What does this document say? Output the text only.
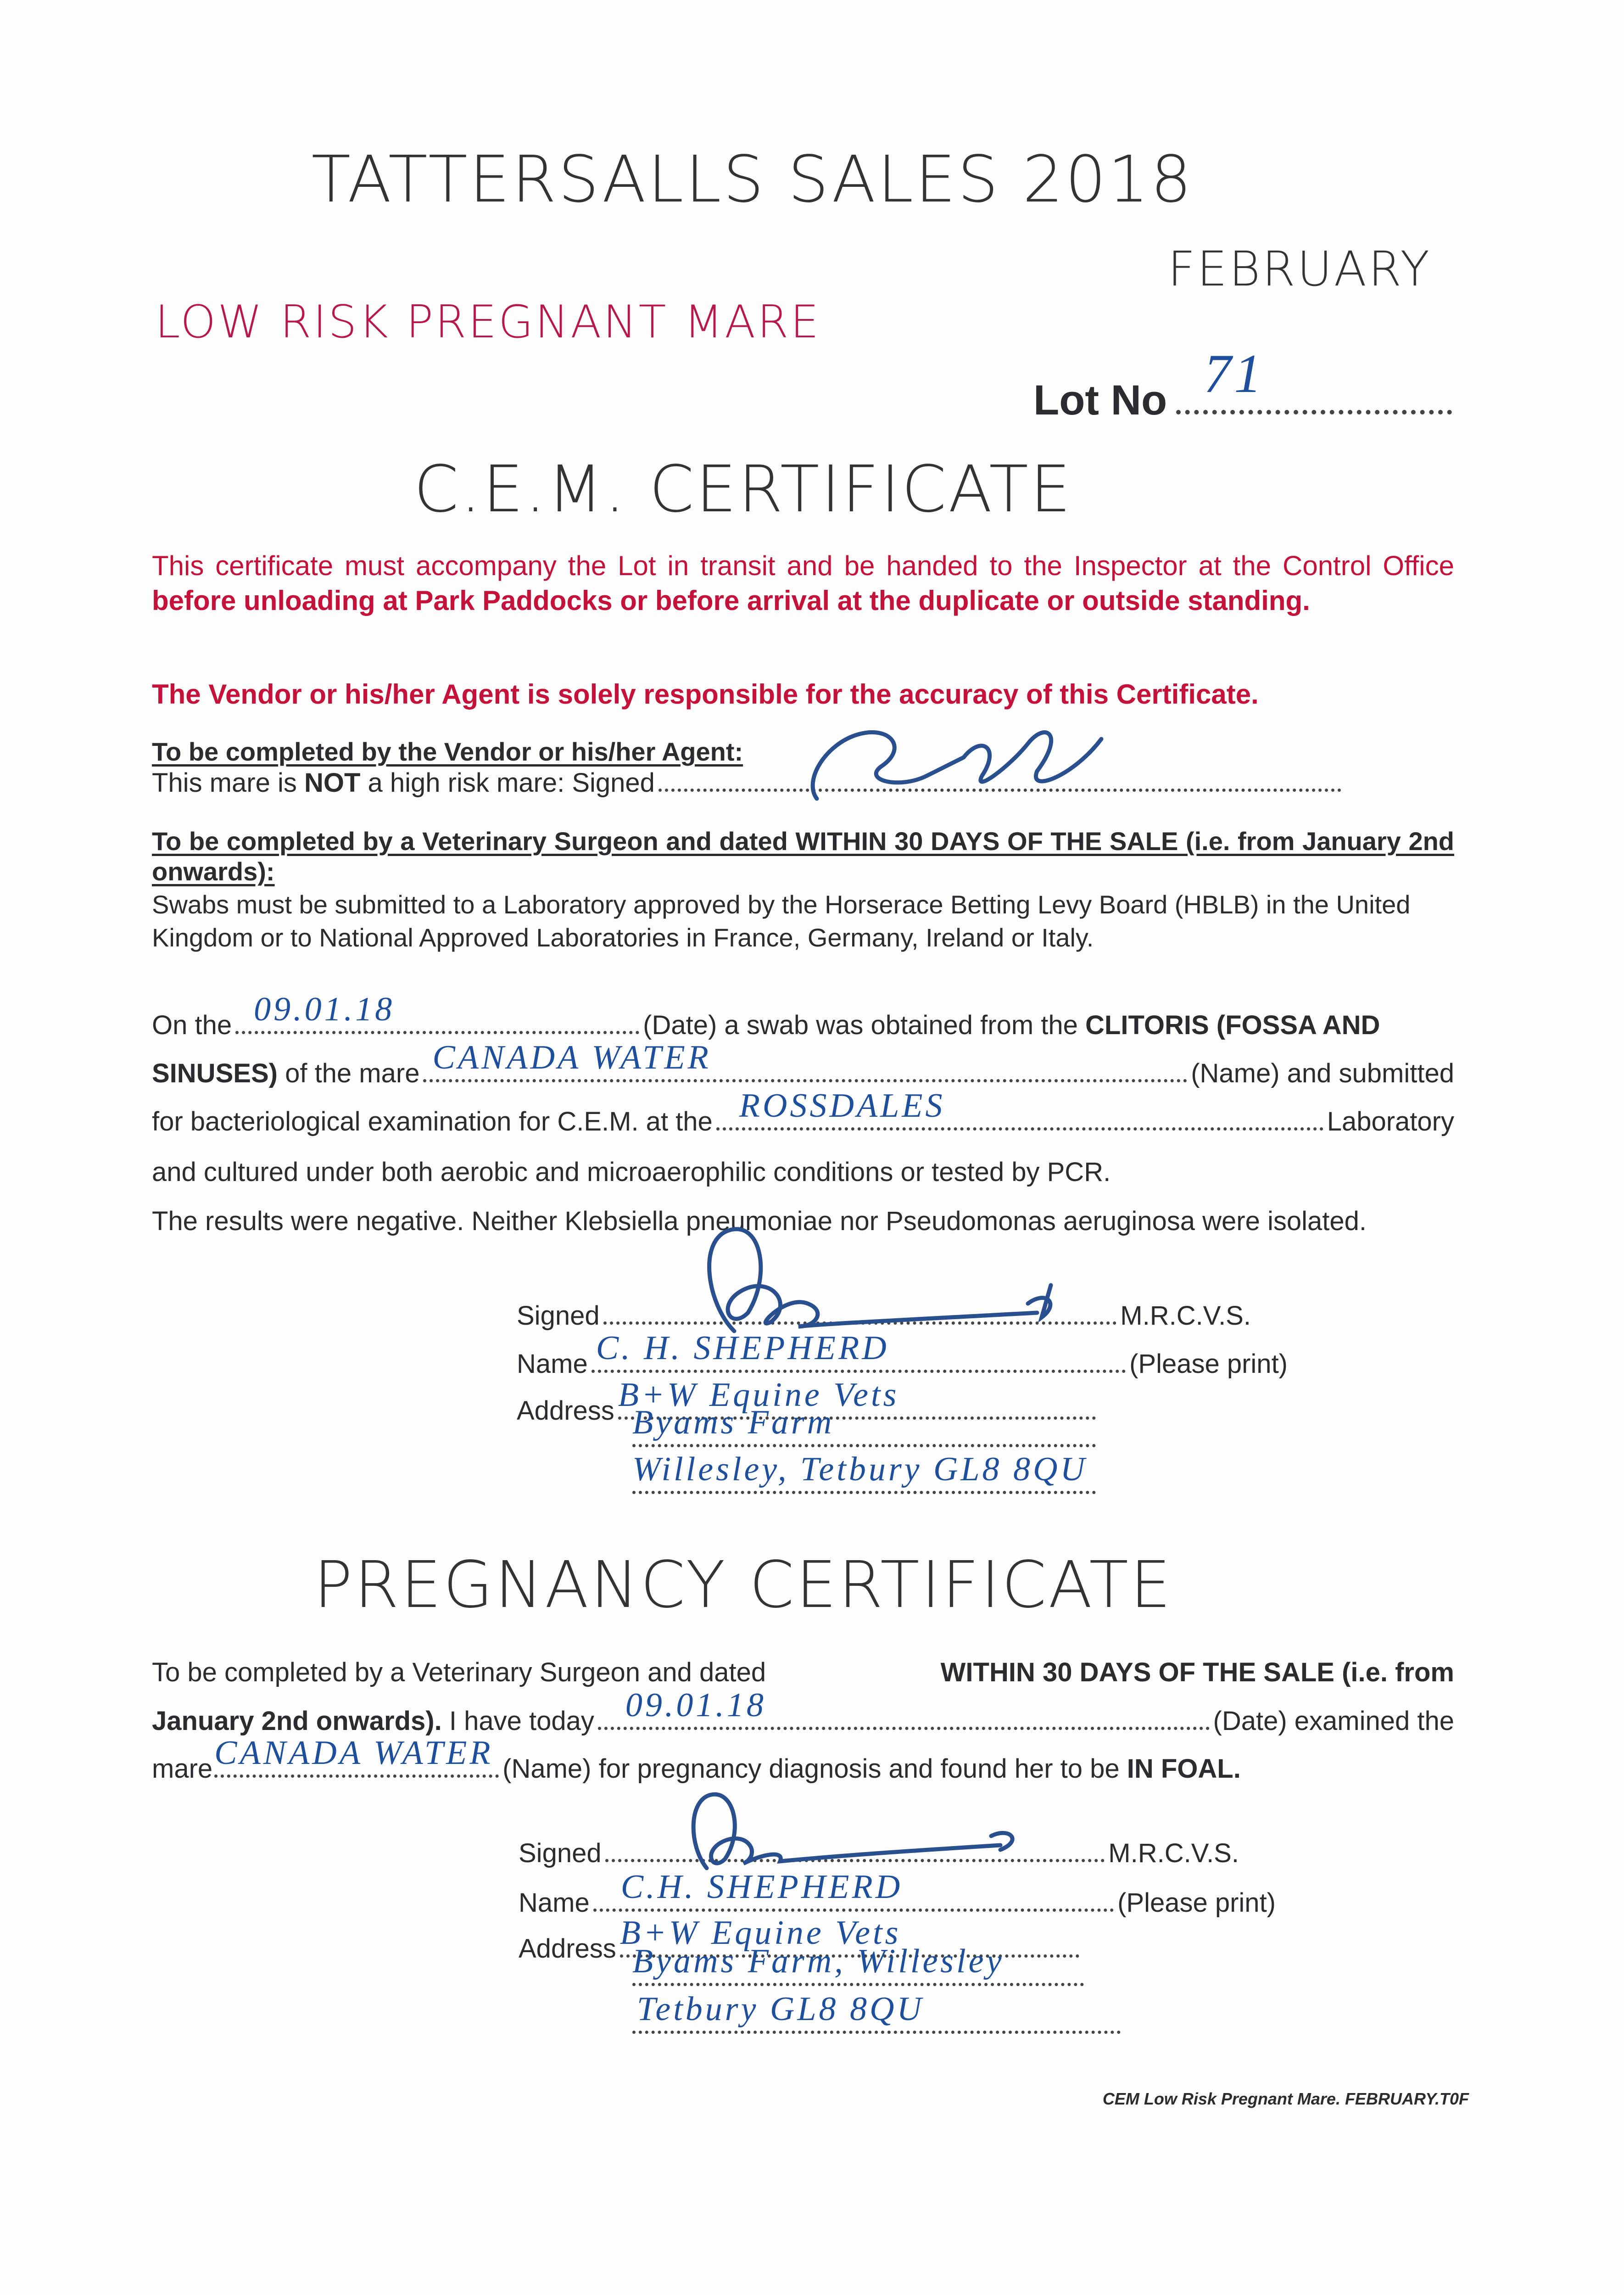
TATTERSALLS SALES 2018
FEBRUARY
LOW RISK PREGNANT MARE
Lot No 71
C.E.M. CERTIFICATE
This certificate must accompany the Lot in transit and be handed to the Inspector at the Control Office before unloading at Park Paddocks or before arrival at the duplicate or outside standing.
The Vendor or his/her Agent is solely responsible for the accuracy of this Certificate.
To be completed by the Vendor or his/her Agent:
This mare is
NOT
a high risk mare: Signed
To be completed by a Veterinary Surgeon and dated WITHIN 30 DAYS OF THE SALE (i.e. from January 2nd onwards):
Swabs must be submitted to a Laboratory approved by the Horserace Betting Levy Board (HBLB) in the United Kingdom or to National Approved Laboratories in France, Germany, Ireland or Italy.
On the 09.01.18	(Date) a swab was obtained from the
CLITORIS (FOSSA AND
SINUSES)
of the mare CANADA WATER	(Name) and submitted
for bacteriological examination for C.E.M. at the ROSSDALES	Laboratory
and cultured under both aerobic and microaerophilic conditions or tested by PCR.
The results were negative. Neither Klebsiella pneumoniae nor Pseudomonas aeruginosa were isolated.
Signed	M.R.C.V.S.
Name C. H. SHEPHERD	(Please print)
Address B+W Equine Vets
Byams Farm
Willesley, Tetbury GL8 8QU
PREGNANCY CERTIFICATE
To be completed by a Veterinary Surgeon and dated	WITHIN 30 DAYS OF THE SALE (i.e. from
January 2nd onwards).
I have today 09.01.18	(Date) examined the
mare CANADA WATER (Name) for pregnancy diagnosis and found her to be
IN FOAL.
Signed	M.R.C.V.S.
Name C.H. SHEPHERD	(Please print)
Address B+W Equine Vets
Byams Farm, Willesley
Tetbury GL8 8QU
CEM Low Risk Pregnant Mare. FEBRUARY.T0F
